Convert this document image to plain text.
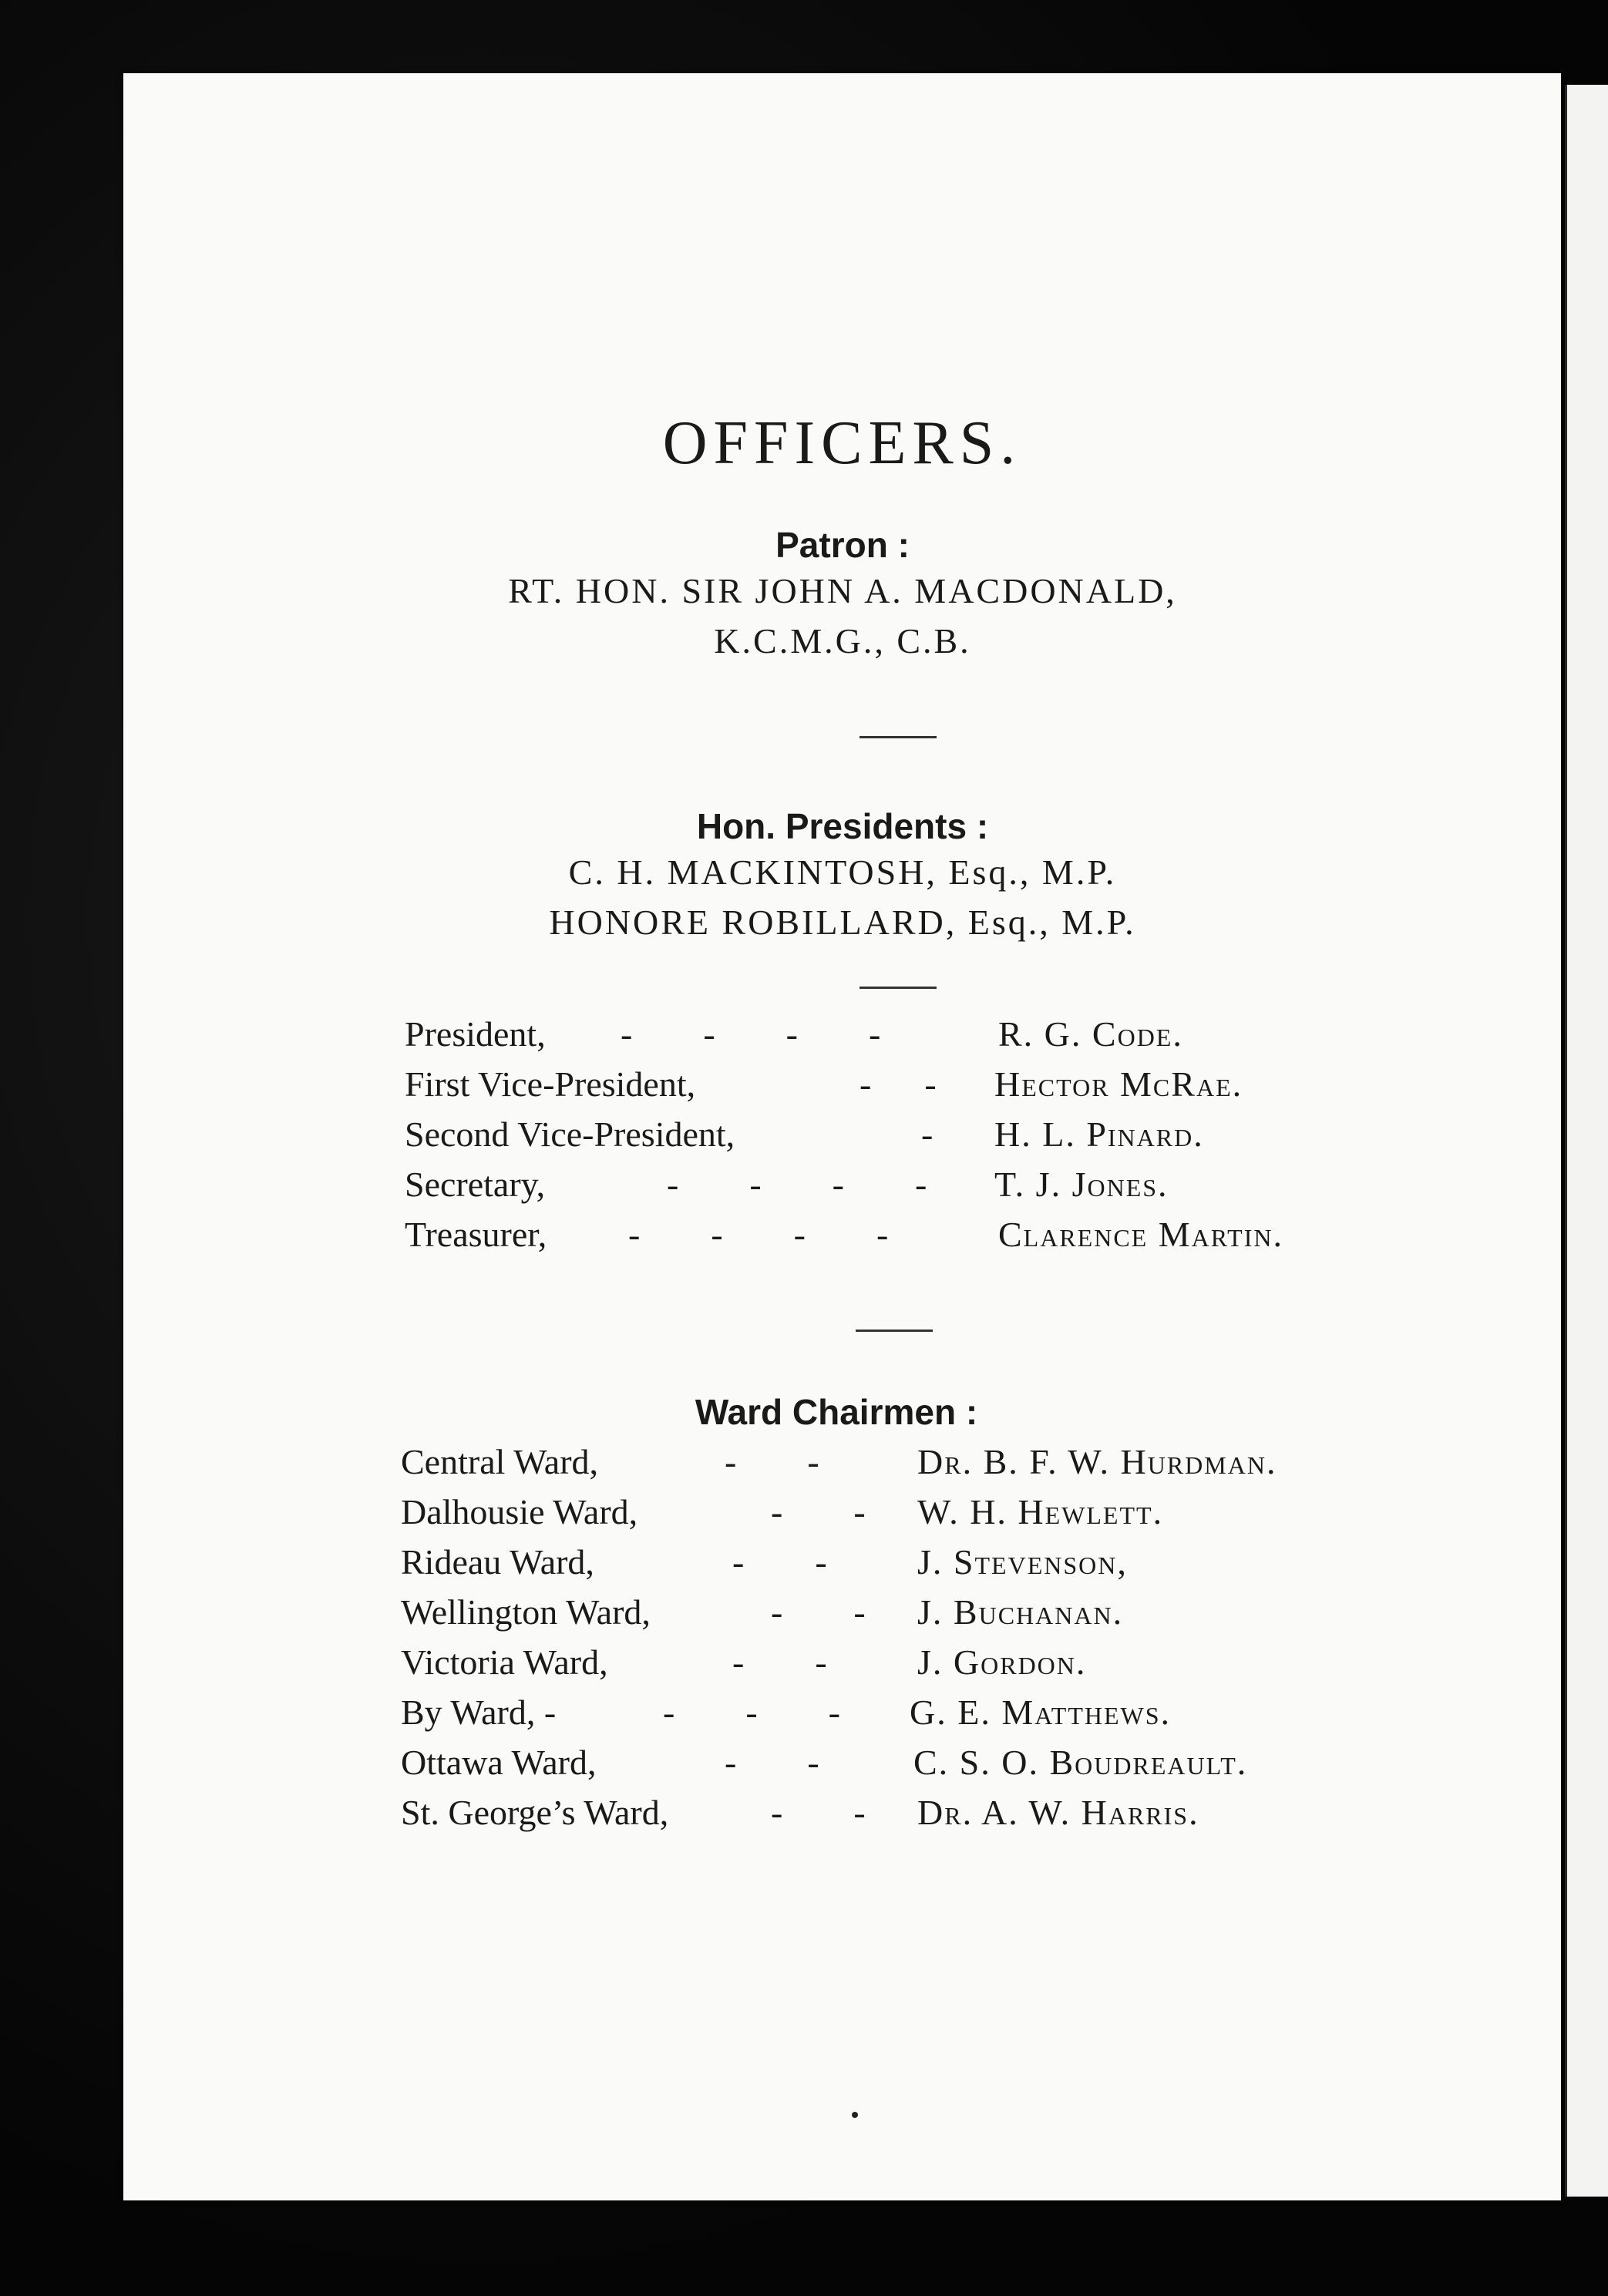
OFFICERS.
Patron :
RT. HON. SIR JOHN A. MACDONALD,
K.C.M.G., C.B.
Hon. Presidents :
C. H. MACKINTOSH, Esq., M.P.
HONORE ROBILLARD, Esq., M.P.
President, -        -        -        -	R. G. Code.
First Vice-President,	-      - Hector McRae.
Second Vice-President,	- H. L. Pinard.
Secretary,	-        -        -        - T. J. Jones.
Treasurer, -        -        -        -	Clarence Martin.
Ward Chairmen :
Central Ward,	-        -	Dr. B. F. W. Hurdman.
Dalhousie Ward,	-        - W. H. Hewlett.
Rideau Ward,	-        -	J. Stevenson,
Wellington Ward,	-        - J. Buchanan.
Victoria Ward,	-        -	J. Gordon.
By Ward, -	-        -        - G. E. Matthews.
Ottawa Ward,	-        -	C. S. O. Boudreault.
St. George’s Ward,	-        - Dr. A. W. Harris.
